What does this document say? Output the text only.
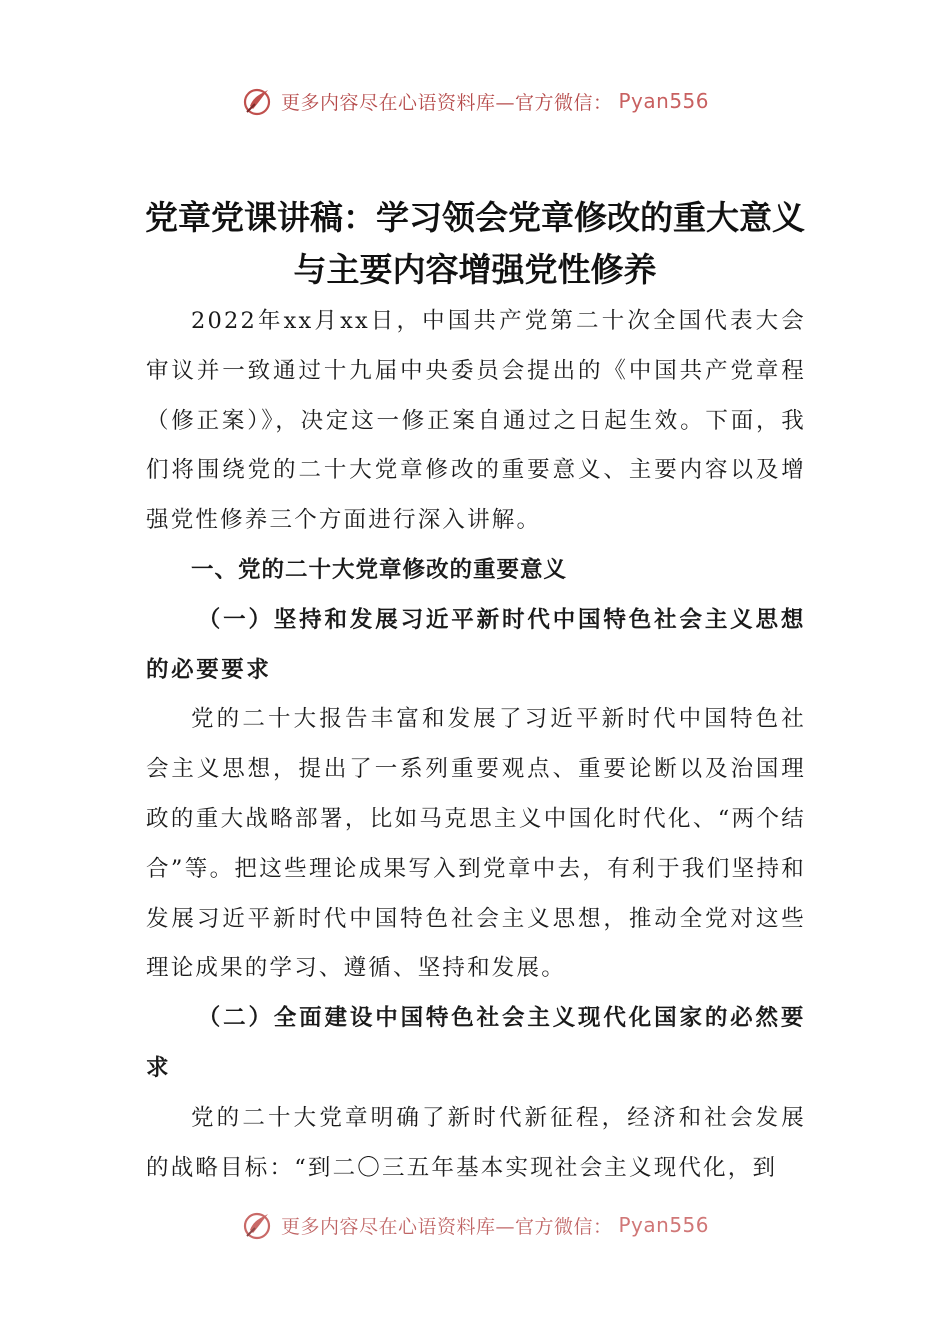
更多内容尽在心语资料库—官方微信： Pyan556
党章党课讲稿：学习领会党章修改的重大意义与主要内容增强党性修养

2022年xx月xx日，中国共产党第二十次全国代表大会审议并一致通过十九届中央委员会提出的《中国共产党章程（修正案）》，决定这一修正案自通过之日起生效。下面，我们将围绕党的二十大党章修改的重要意义、主要内容以及增强党性修养三个方面进行深入讲解。

一、党的二十大党章修改的重要意义

（一）坚持和发展习近平新时代中国特色社会主义思想的必要要求

党的二十大报告丰富和发展了习近平新时代中国特色社会主义思想，提出了一系列重要观点、重要论断以及治国理政的重大战略部署，比如马克思主义中国化时代化、“两个结合”等。把这些理论成果写入到党章中去，有利于我们坚持和发展习近平新时代中国特色社会主义思想，推动全党对这些理论成果的学习、遵循、坚持和发展。

（二）全面建设中国特色社会主义现代化国家的必然要求

党的二十大党章明确了新时代新征程，经济和社会发展的战略目标：“到二〇三五年基本实现社会主义现代化，到

更多内容尽在心语资料库—官方微信： Pyan556
